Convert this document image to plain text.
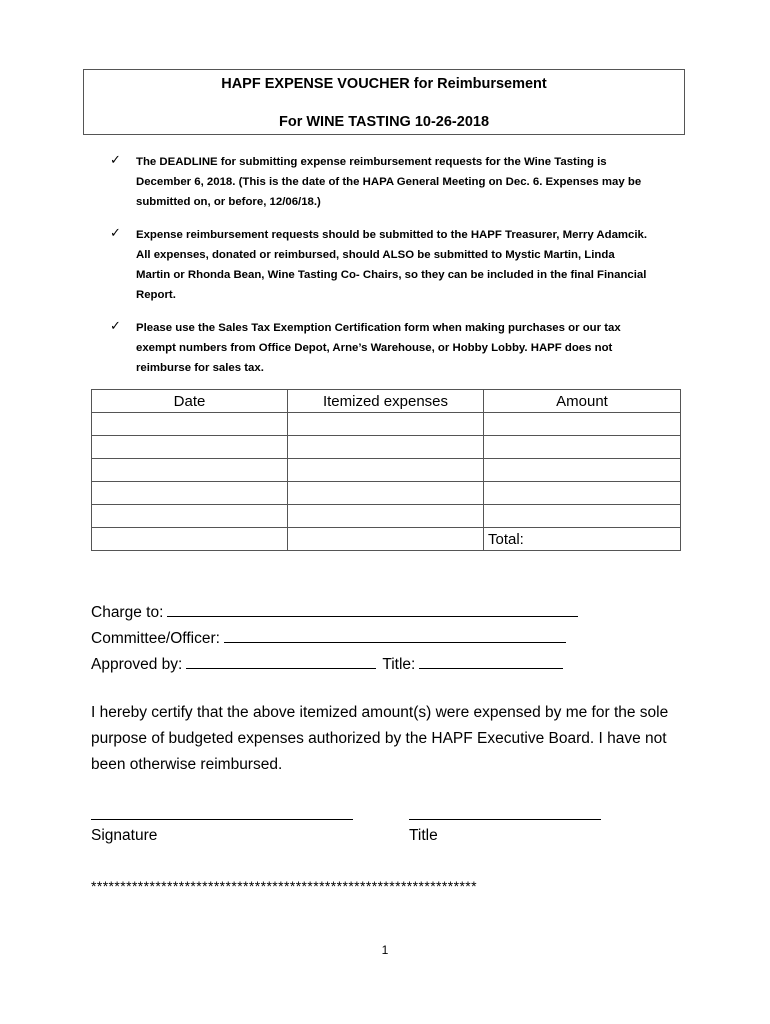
HAPF EXPENSE VOUCHER for Reimbursement
For WINE TASTING 10-26-2018
✓ The DEADLINE for submitting expense reimbursement requests for the Wine Tasting is
December 6, 2018. (This is the date of the HAPA General Meeting on Dec. 6. Expenses may be
submitted on, or before, 12/06/18.)
✓ Expense reimbursement requests should be submitted to the HAPF Treasurer, Merry Adamcik.
All expenses, donated or reimbursed, should ALSO be submitted to Mystic Martin, Linda
Martin or Rhonda Bean, Wine Tasting Co- Chairs, so they can be included in the final Financial
Report.
✓ Please use the Sales Tax Exemption Certification form when making purchases or our tax
exempt numbers from Office Depot, Arne’s Warehouse, or Hobby Lobby. HAPF does not
reimburse for sales tax.
Date	Itemized expenses	Amount

		Total:
Charge to:
Committee/Officer:
Approved by:	Title:
I hereby certify that the above itemized amount(s) were expensed by me for the sole purpose of budgeted expenses authorized by the HAPF Executive Board. I have not been otherwise reimbursed.
Signature	Title
******************************************************************
1
